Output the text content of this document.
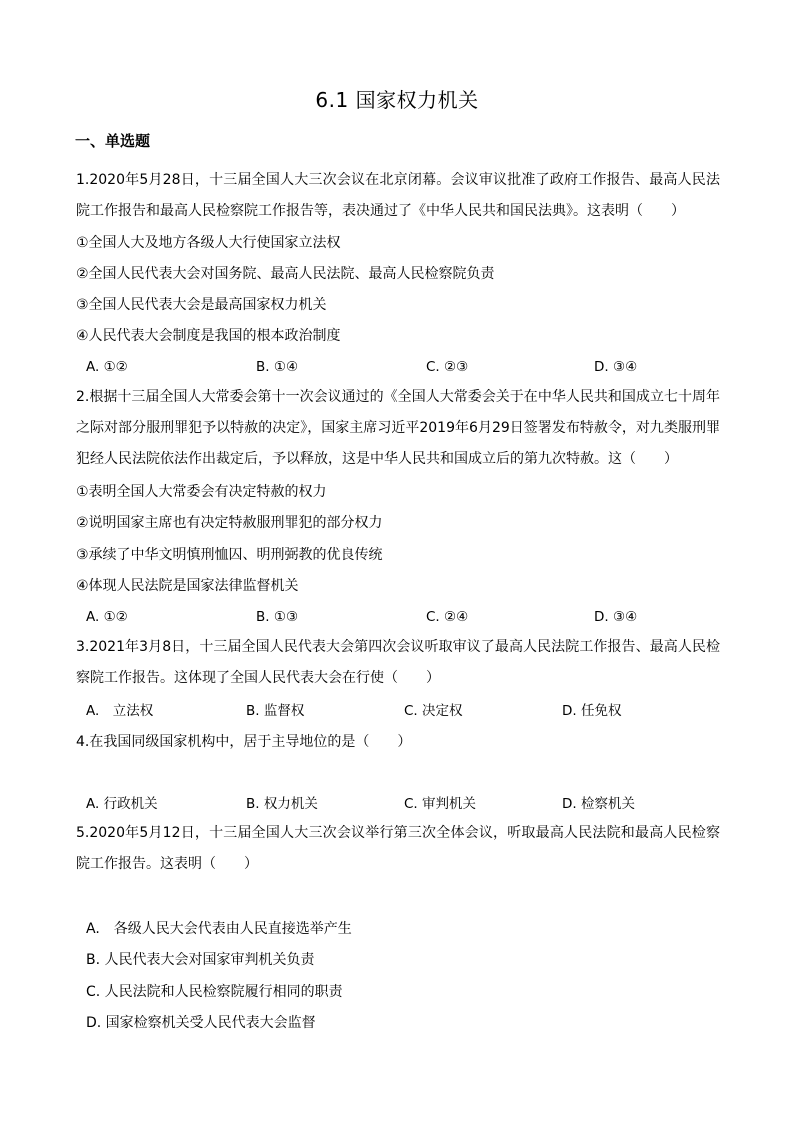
6.1 国家权力机关
一、单选题
1.2020年5月28日，十三届全国人大三次会议在北京闭幕。会议审议批准了政府工作报告、最高人民法院工作报告和最高人民检察院工作报告等，表决通过了《中华人民共和国民法典》。这表明（　　）
①全国人大及地方各级人大行使国家立法权
②全国人民代表大会对国务院、最高人民法院、最高人民检察院负责
③全国人民代表大会是最高国家权力机关
④人民代表大会制度是我国的根本政治制度
A. ①②	B. ①④	C. ②③	D. ③④
2.根据十三届全国人大常委会第十一次会议通过的《全国人大常委会关于在中华人民共和国成立七十周年之际对部分服刑罪犯予以特赦的决定》，国家主席习近平2019年6月29日签署发布特赦令，对九类服刑罪犯经人民法院依法作出裁定后，予以释放，这是中华人民共和国成立后的第九次特赦。这（　　）
①表明全国人大常委会有决定特赦的权力
②说明国家主席也有决定特赦服刑罪犯的部分权力
③承续了中华文明慎刑恤囚、明刑弼教的优良传统
④体现人民法院是国家法律监督机关
A. ①②	B. ①③	C. ②④	D. ③④
3.2021年3月8日，十三届全国人民代表大会第四次会议听取审议了最高人民法院工作报告、最高人民检察院工作报告。这体现了全国人民代表大会在行使（　　）
A.　立法权	B. 监督权	C. 决定权	D. 任免权
4.在我国同级国家机构中，居于主导地位的是（　　）
A. 行政机关	B. 权力机关	C. 审判机关	D. 检察机关
5.2020年5月12日，十三届全国人大三次会议举行第三次全体会议，听取最高人民法院和最高人民检察院工作报告。这表明（　　）
A.　各级人民大会代表由人民直接选举产生
B. 人民代表大会对国家审判机关负责
C. 人民法院和人民检察院履行相同的职责
D. 国家检察机关受人民代表大会监督
